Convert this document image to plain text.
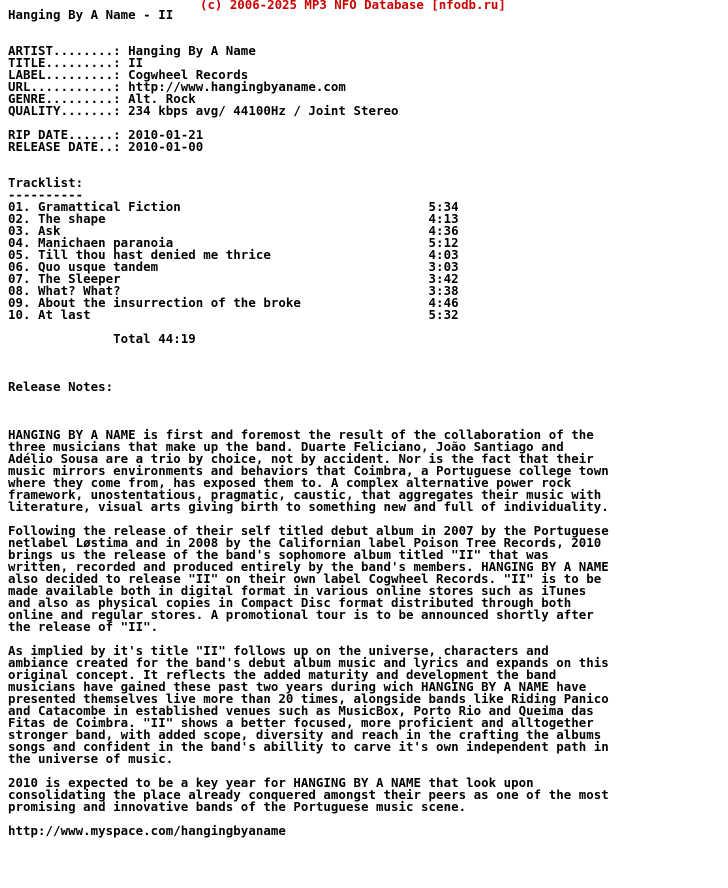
(c) 2006-2025 MP3 NFO Database [nfodb.ru]
Hanging By A Name - II
ARTIST........: Hanging By A Name
TITLE.........: II
LABEL.........: Cogwheel Records
URL...........: http://www.hangingbyaname.com
GENRE.........: Alt. Rock
QUALITY.......: 234 kbps avg/ 44100Hz / Joint Stereo
RIP DATE......: 2010-01-21
RELEASE DATE..: 2010-01-00
Tracklist:
----------
01. Gramattical Fiction                                 5:34
02. The shape                                           4:13
03. Ask                                                 4:36
04. Manichaen paranoia                                  5:12
05. Till thou hast denied me thrice                     4:03
06. Quo usque tandem                                    3:03
07. The Sleeper                                         3:42
08. What? What?                                         3:38
09. About the insurrection of the broke                 4:46
10. At last                                             5:32
Total 44:19
Release Notes:
HANGING BY A NAME is first and foremost the result of the collaboration of the
three musicians that make up the band. Duarte Feliciano, João Santiago and
Adélio Sousa are a trio by choice, not by accident. Nor is the fact that their
music mirrors environments and behaviors that Coimbra, a Portuguese college town
where they come from, has exposed them to. A complex alternative power rock
framework, unostentatious, pragmatic, caustic, that aggregates their music with
literature, visual arts giving birth to something new and full of individuality.
Following the release of their self titled debut album in 2007 by the Portuguese
netlabel Løstima and in 2008 by the Californian label Poison Tree Records, 2010
brings us the release of the band's sophomore album titled "II" that was
written, recorded and produced entirely by the band's members. HANGING BY A NAME
also decided to release "II" on their own label Cogwheel Records. "II" is to be
made available both in digital format in various online stores such as iTunes
and also as physical copies in Compact Disc format distributed through both
online and regular stores. A promotional tour is to be announced shortly after
the release of "II".
As implied by it's title "II" follows up on the universe, characters and
ambiance created for the band's debut album music and lyrics and expands on this
original concept. It reflects the added maturity and development the band
musicians have gained these past two years during wich HANGING BY A NAME have
presented themselves live more than 20 times, alongside bands like Riding Panico
and Catacombe in established venues such as MusicBox, Porto Rio and Queima das
Fitas de Coimbra. "II" shows a better focused, more proficient and alltogether
stronger band, with added scope, diversity and reach in the crafting the albums
songs and confident in the band's abillity to carve it's own independent path in
the universe of music.
2010 is expected to be a key year for HANGING BY A NAME that look upon
consolidating the place already conquered amongst their peers as one of the most
promising and innovative bands of the Portuguese music scene.
http://www.myspace.com/hangingbyaname
